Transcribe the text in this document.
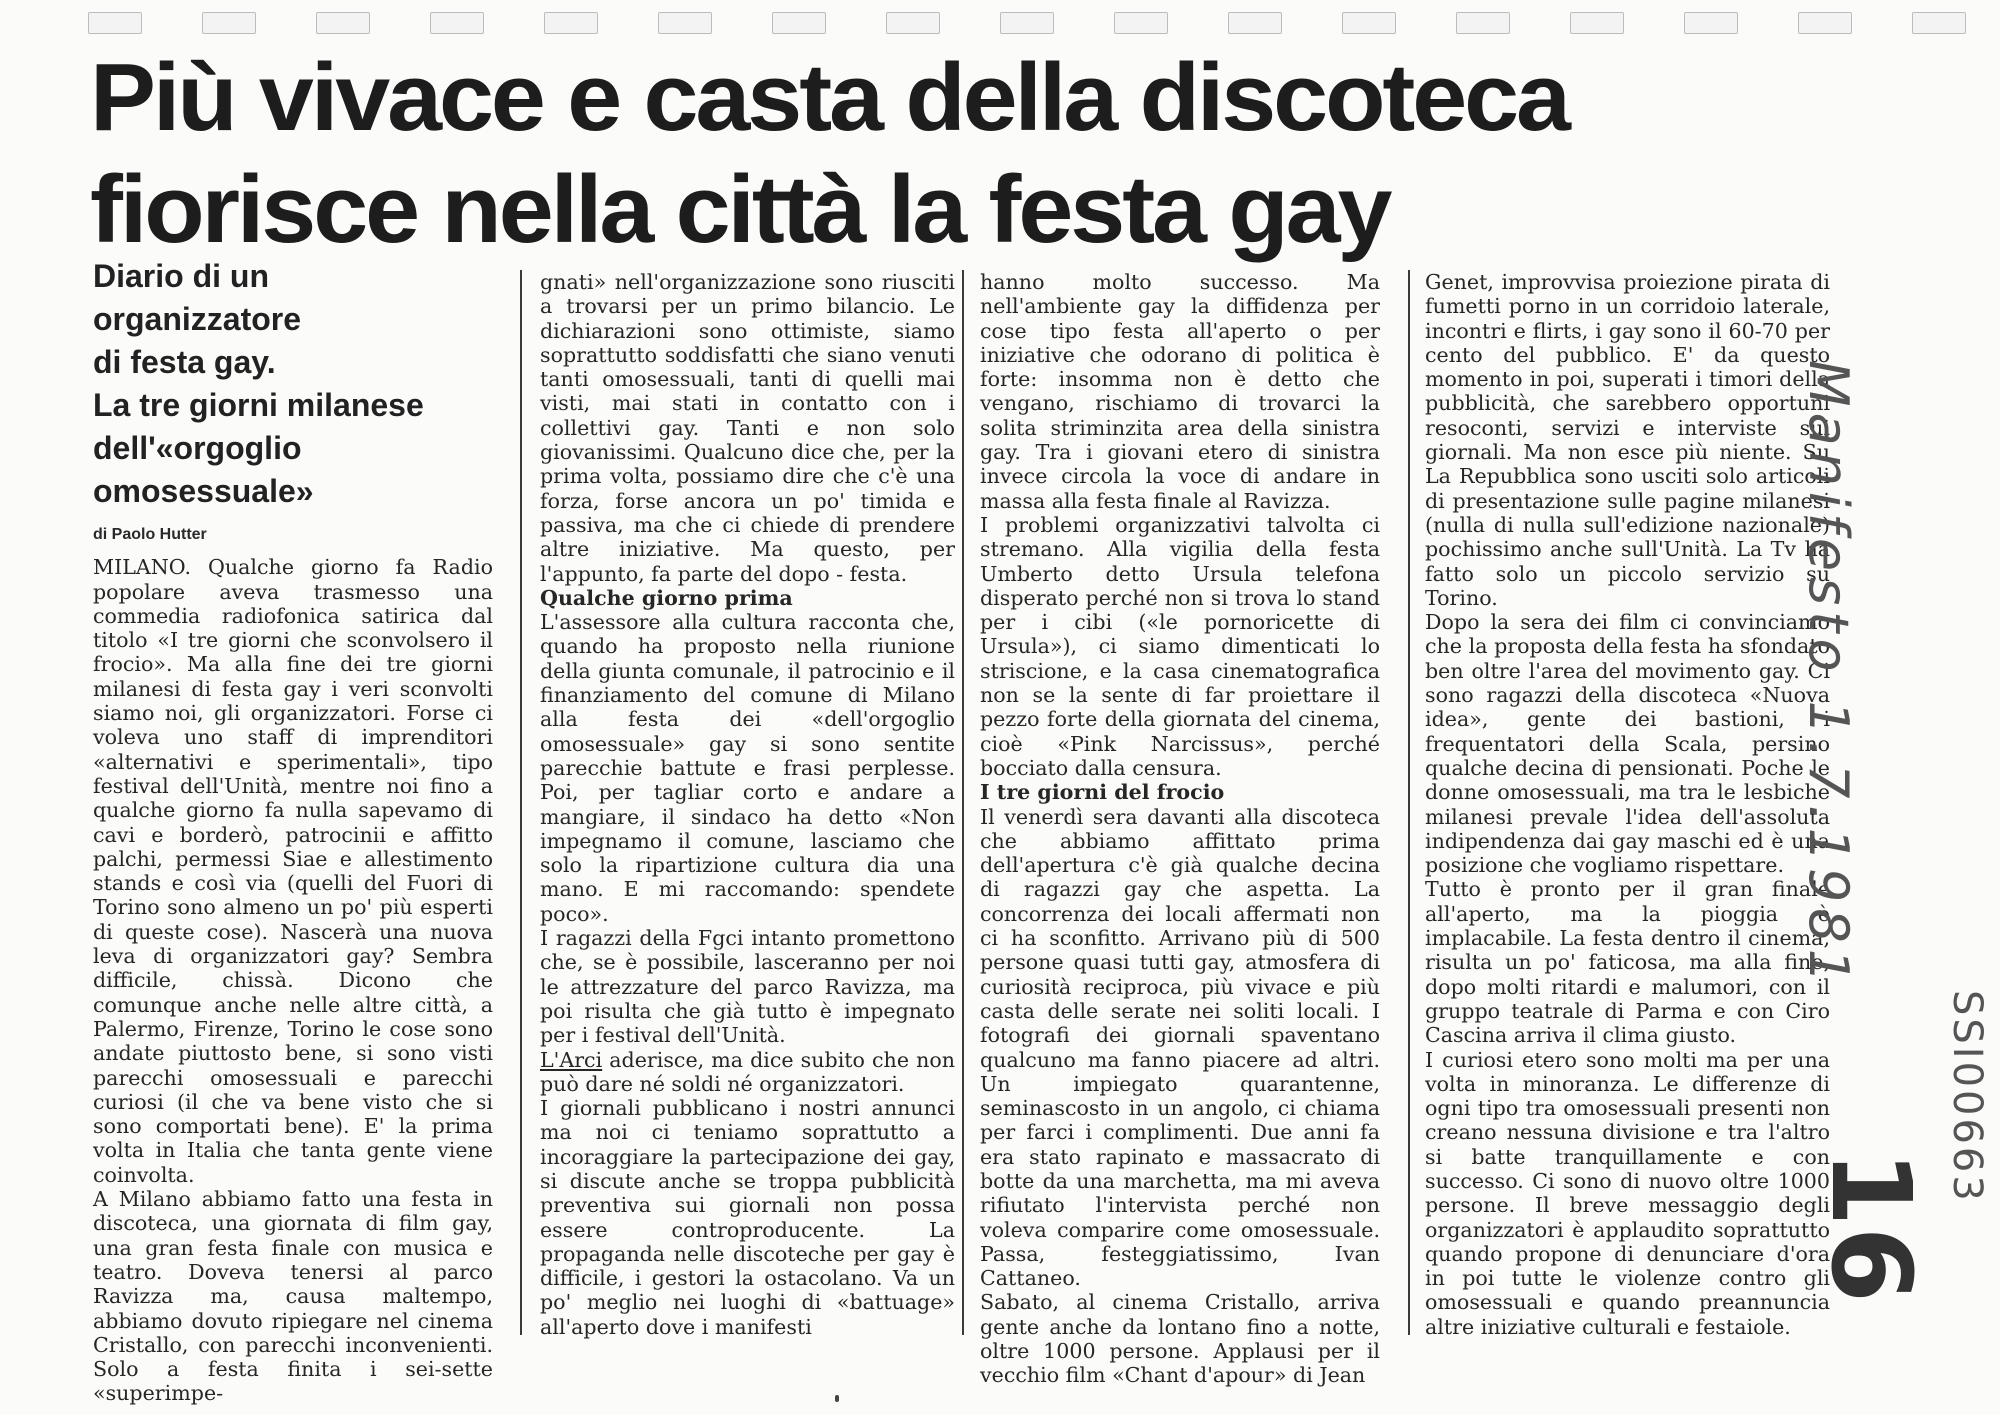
Più vivace e casta della discoteca
fiorisce nella città la festa gay
Diario di un
organizzatore
di festa gay.
La tre giorni milanese
dell'«orgoglio
omosessuale»
di Paolo Hutter

MILANO. Qualche giorno fa Radio popolare aveva trasmesso una commedia radiofonica satirica dal titolo «I tre giorni che sconvolsero il frocio». Ma alla fine dei tre giorni milanesi di festa gay i veri sconvolti siamo noi, gli organizzatori. Forse ci voleva uno staff di imprenditori «alternativi e sperimentali», tipo festival dell'Unità, mentre noi fino a qualche giorno fa nulla sapevamo di cavi e borderò, patrocinii e affitto palchi, permessi Siae e allestimento stands e così via (quelli del Fuori di Torino sono almeno un po' più esperti di queste cose). Nascerà una nuova leva di organizzatori gay? Sembra difficile, chissà. Dicono che comunque anche nelle altre città, a Palermo, Firenze, Torino le cose sono andate piuttosto bene, si sono visti parecchi omosessuali e parecchi curiosi (il che va bene visto che si sono comportati bene). E' la prima volta in Italia che tanta gente viene coinvolta.

A Milano abbiamo fatto una festa in discoteca, una giornata di film gay, una gran festa finale con musica e teatro. Doveva tenersi al parco Ravizza ma, causa maltempo, abbiamo dovuto ripiegare nel cinema Cristallo, con parecchi inconvenienti. Solo a festa finita i sei-sette «superimpe-

gnati» nell'organizzazione sono riusciti a trovarsi per un primo bilancio. Le dichiarazioni sono ottimiste, siamo soprattutto soddisfatti che siano venuti tanti omosessuali, tanti di quelli mai visti, mai stati in contatto con i collettivi gay. Tanti e non solo giovanissimi. Qualcuno dice che, per la prima volta, possiamo dire che c'è una forza, forse ancora un po' timida e passiva, ma che ci chiede di prendere altre iniziative. Ma questo, per l'appunto, fa parte del dopo - festa.

Qualche giorno prima

L'assessore alla cultura racconta che, quando ha proposto nella riunione della giunta comunale, il patrocinio e il finanziamento del comune di Milano alla festa dei «dell'orgoglio omosessuale» gay si sono sentite parecchie battute e frasi perplesse. Poi, per tagliar corto e andare a mangiare, il sindaco ha detto «Non impegnamo il comune, lasciamo che solo la ripartizione cultura dia una mano. E mi raccomando: spendete poco».

I ragazzi della Fgci intanto promettono che, se è possibile, lasceranno per noi le attrezzature del parco Ravizza, ma poi risulta che già tutto è impegnato per i festival dell'Unità.

L'Arci aderisce, ma dice subito che non può dare né soldi né organizzatori.

I giornali pubblicano i nostri annunci ma noi ci teniamo soprattutto a incoraggiare la partecipazione dei gay, si discute anche se troppa pubblicità preventiva sui giornali non possa essere controproducente. La propaganda nelle discoteche per gay è difficile, i gestori la ostacolano. Va un po' meglio nei luoghi di «battuage» all'aperto dove i manifesti

hanno molto successo. Ma nell'ambiente gay la diffidenza per cose tipo festa all'aperto o per iniziative che odorano di politica è forte: insomma non è detto che vengano, rischiamo di trovarci la solita striminzita area della sinistra gay. Tra i giovani etero di sinistra invece circola la voce di andare in massa alla festa finale al Ravizza.

I problemi organizzativi talvolta ci stremano. Alla vigilia della festa Umberto detto Ursula telefona disperato perché non si trova lo stand per i cibi («le pornoricette di Ursula»), ci siamo dimenticati lo striscione, e la casa cinematografica non se la sente di far proiettare il pezzo forte della giornata del cinema, cioè «Pink Narcissus», perché bocciato dalla censura.

I tre giorni del frocio

Il venerdì sera davanti alla discoteca che abbiamo affittato prima dell'apertura c'è già qualche decina di ragazzi gay che aspetta. La concorrenza dei locali affermati non ci ha sconfitto. Arrivano più di 500 persone quasi tutti gay, atmosfera di curiosità reciproca, più vivace e più casta delle serate nei soliti locali. I fotografi dei giornali spaventano qualcuno ma fanno piacere ad altri. Un impiegato quarantenne, seminascosto in un angolo, ci chiama per farci i complimenti. Due anni fa era stato rapinato e massacrato di botte da una marchetta, ma mi aveva rifiutato l'intervista perché non voleva comparire come omosessuale. Passa, festeggiatissimo, Ivan Cattaneo.

Sabato, al cinema Cristallo, arriva gente anche da lontano fino a notte, oltre 1000 persone. Applausi per il vecchio film «Chant d'apour» di Jean

Genet, improvvisa proiezione pirata di fumetti porno in un corridoio laterale, incontri e flirts, i gay sono il 60-70 per cento del pubblico. E' da questo momento in poi, superati i timori della pubblicità, che sarebbero opportuni resoconti, servizi e interviste sui giornali. Ma non esce più niente. Su La Repubblica sono usciti solo articoli di presentazione sulle pagine milanesi (nulla di nulla sull'edizione nazionale) pochissimo anche sull'Unità. La Tv ha fatto solo un piccolo servizio su Torino.

Dopo la sera dei film ci convinciamo che la proposta della festa ha sfondato ben oltre l'area del movimento gay. Ci sono ragazzi della discoteca «Nuova idea», gente dei bastioni, i frequentatori della Scala, persino qualche decina di pensionati. Poche le donne omosessuali, ma tra le lesbiche milanesi prevale l'idea dell'assoluta indipendenza dai gay maschi ed è una posizione che vogliamo rispettare.

Tutto è pronto per il gran finale all'aperto, ma la pioggia è implacabile. La festa dentro il cinema, risulta un po' faticosa, ma alla fine, dopo molti ritardi e malumori, con il gruppo teatrale di Parma e con Ciro Cascina arriva il clima giusto.

I curiosi etero sono molti ma per una volta in minoranza. Le differenze di ogni tipo tra omosessuali presenti non creano nessuna divisione e tra l'altro si batte tranquillamente e con successo. Ci sono di nuovo oltre 1000 persone. Il breve messaggio degli organizzatori è applaudito soprattutto quando propone di denunciare d'ora in poi tutte le violenze contro gli omosessuali e quando preannuncia altre iniziative culturali e festaiole.

Manifesto 1.7.1981
SSI00663
16
